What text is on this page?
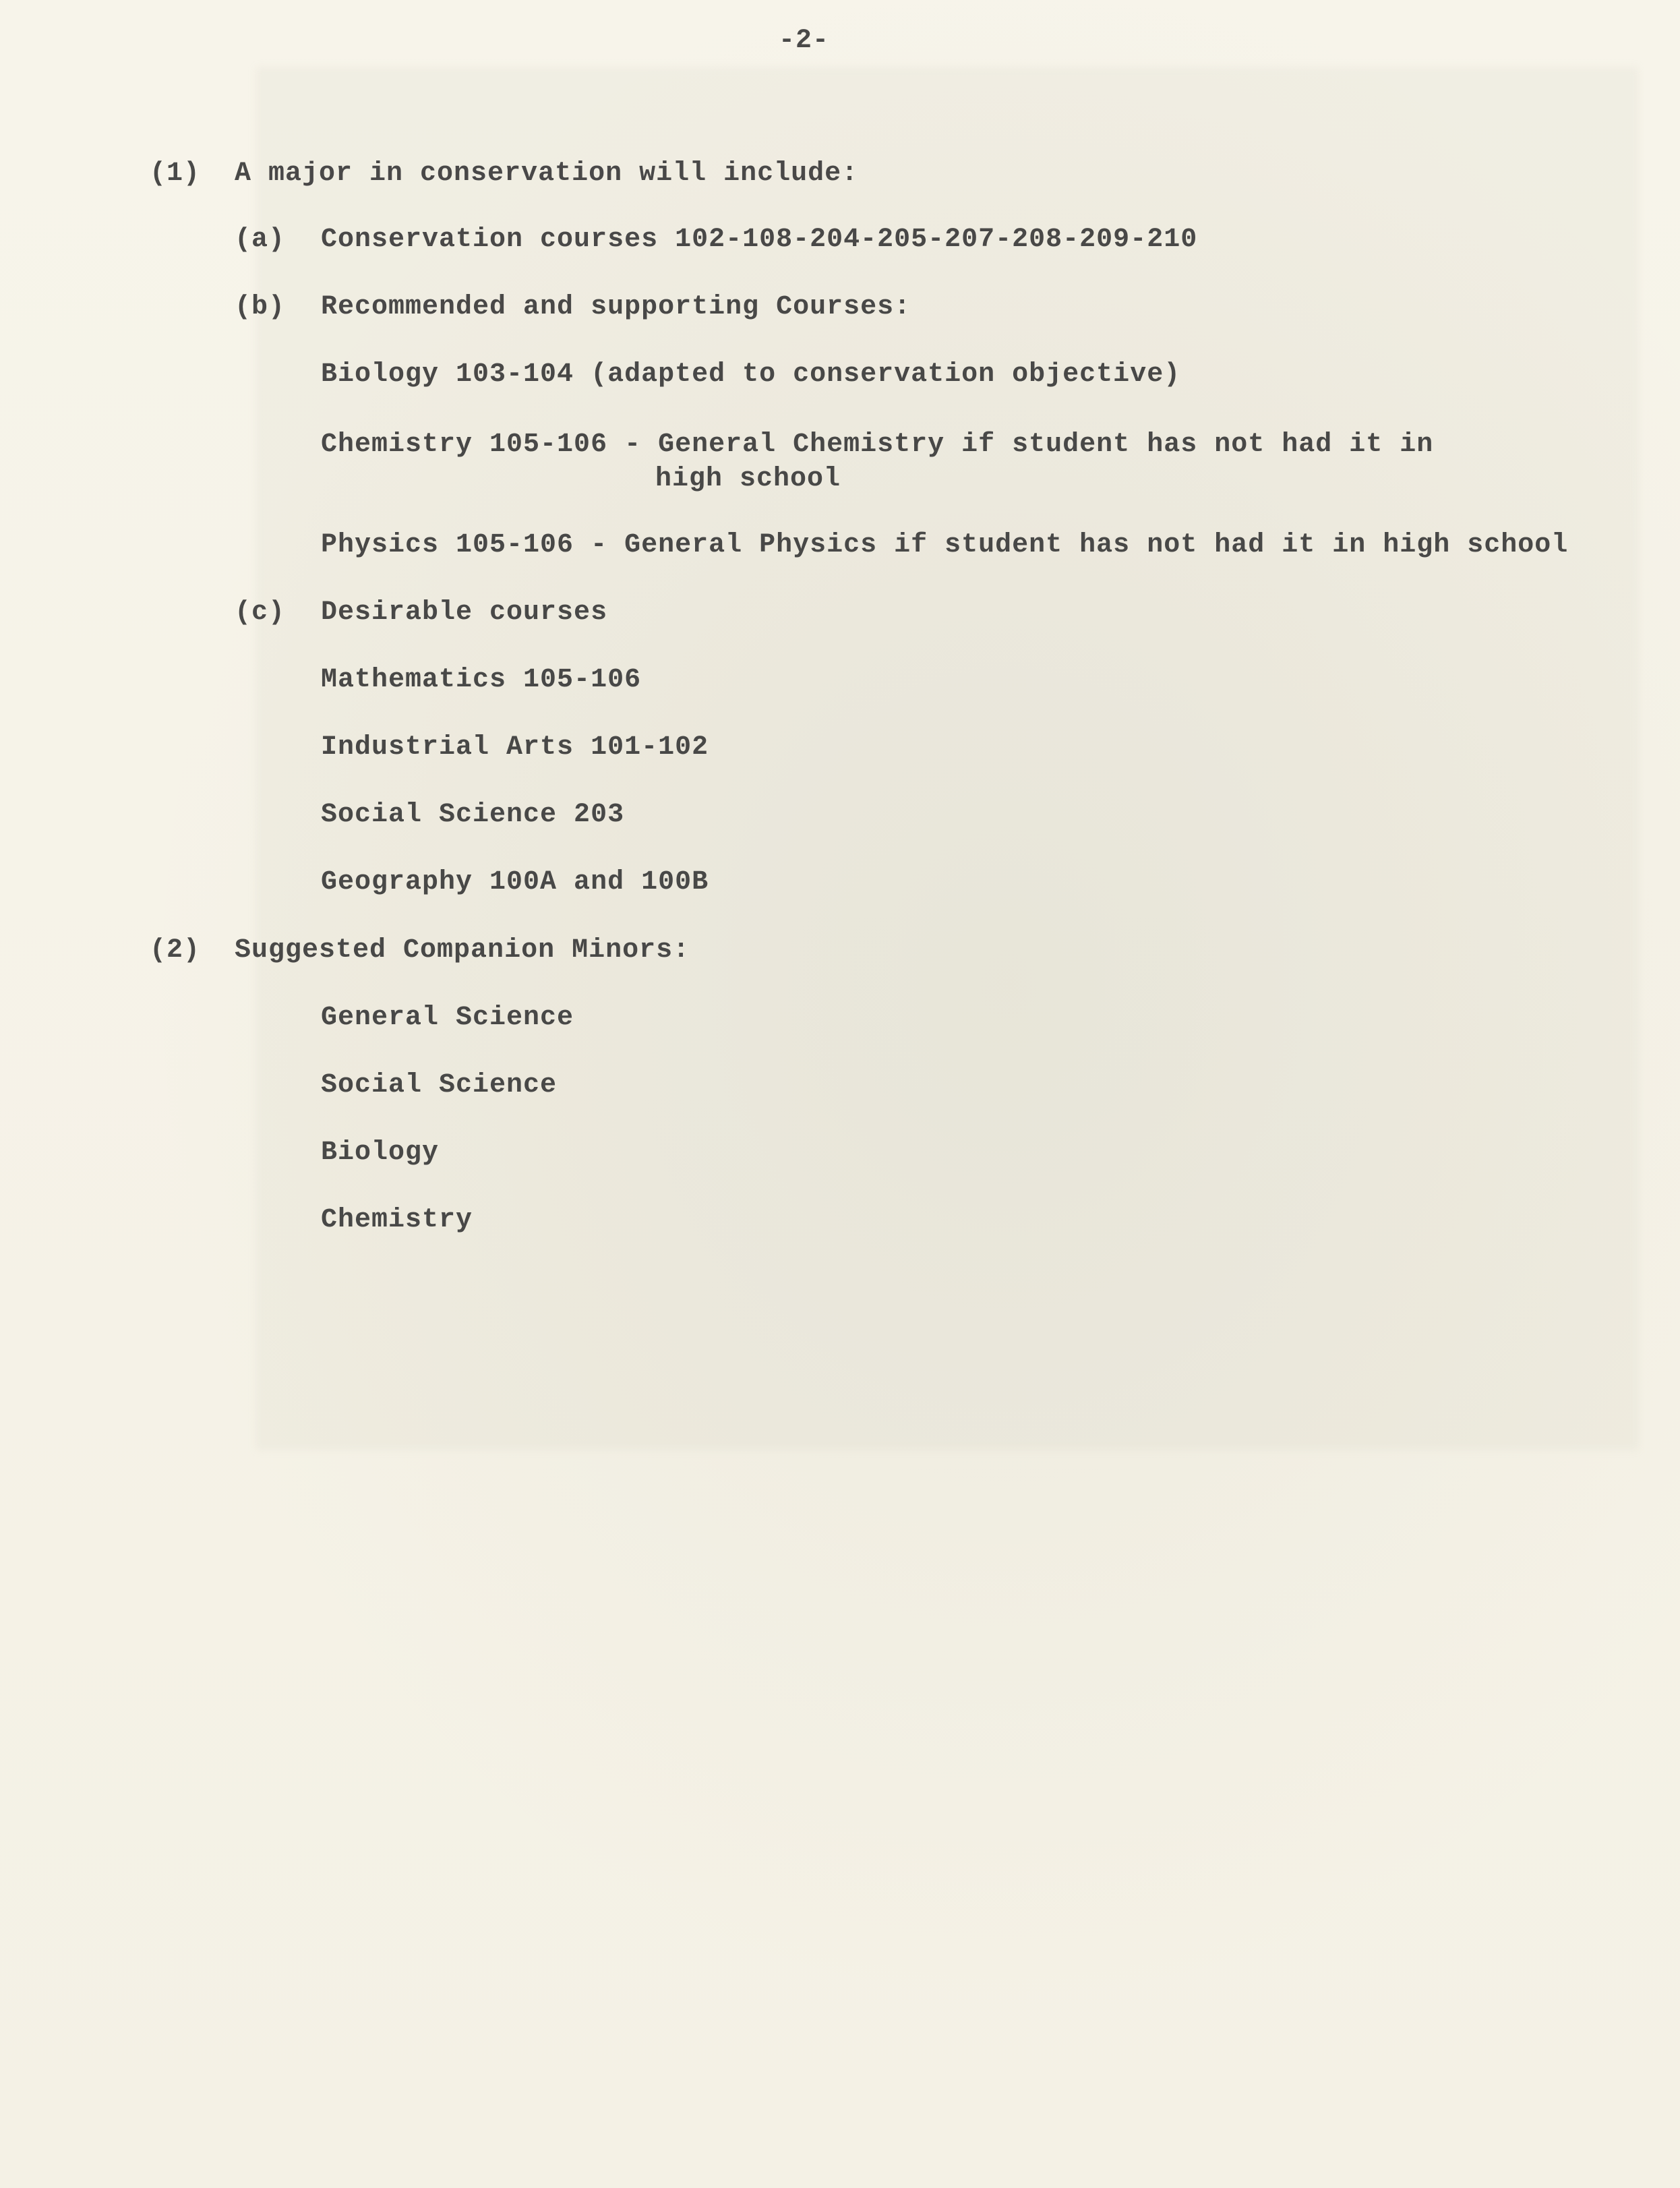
-2-
(1) A major in conservation will include:
(a) Conservation courses 102-108-204-205-207-208-209-210
(b) Recommended and supporting Courses:
Biology 103-104 (adapted to conservation objective)
Chemistry 105-106 - General Chemistry if student has not had it in
high school
Physics 105-106 - General Physics if student has not had it in high school
(c) Desirable courses
Mathematics 105-106
Industrial Arts 101-102
Social Science 203
Geography 100A and 100B
(2) Suggested Companion Minors:
General Science
Social Science
Biology
Chemistry
